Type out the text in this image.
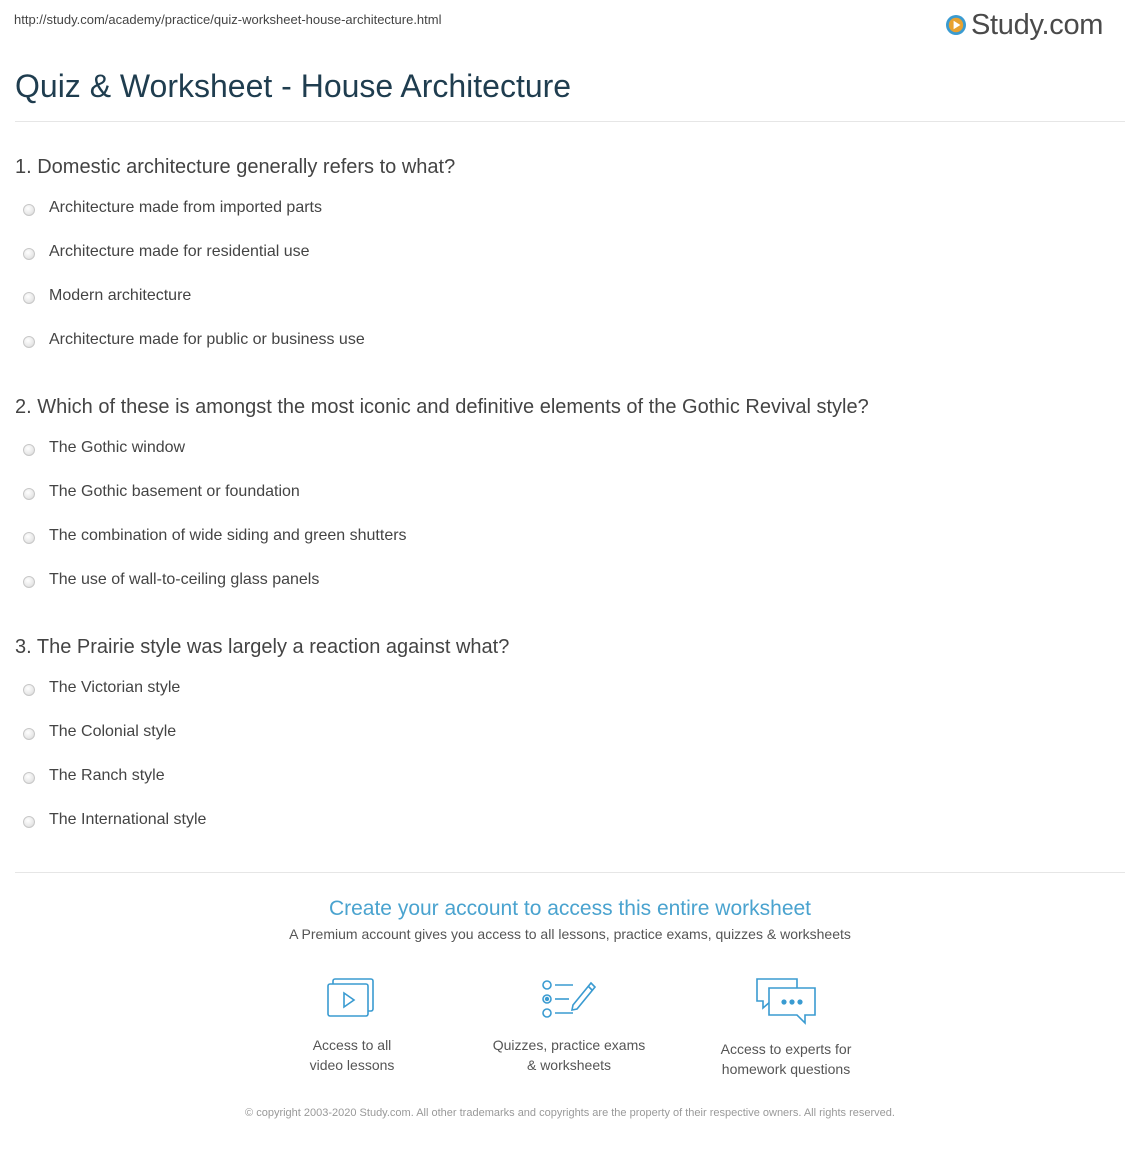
http://study.com/academy/practice/quiz-worksheet-house-architecture.html	Study.com
Quiz & Worksheet - House Architecture
1. Domestic architecture generally refers to what?
Architecture made from imported parts
Architecture made for residential use
Modern architecture
Architecture made for public or business use
2. Which of these is amongst the most iconic and definitive elements of the Gothic Revival style?
The Gothic window
The Gothic basement or foundation
The combination of wide siding and green shutters
The use of wall-to-ceiling glass panels
3. The Prairie style was largely a reaction against what?
The Victorian style
The Colonial style
The Ranch style
The International style

Create your account to access this entire worksheet

A Premium account gives you access to all lessons, practice exams, quizzes & worksheets
Access to all
video lessons
Quizzes, practice exams
& worksheets
Access to experts for
homework questions
© copyright 2003-2020 Study.com. All other trademarks and copyrights are the property of their respective owners. All rights reserved.
